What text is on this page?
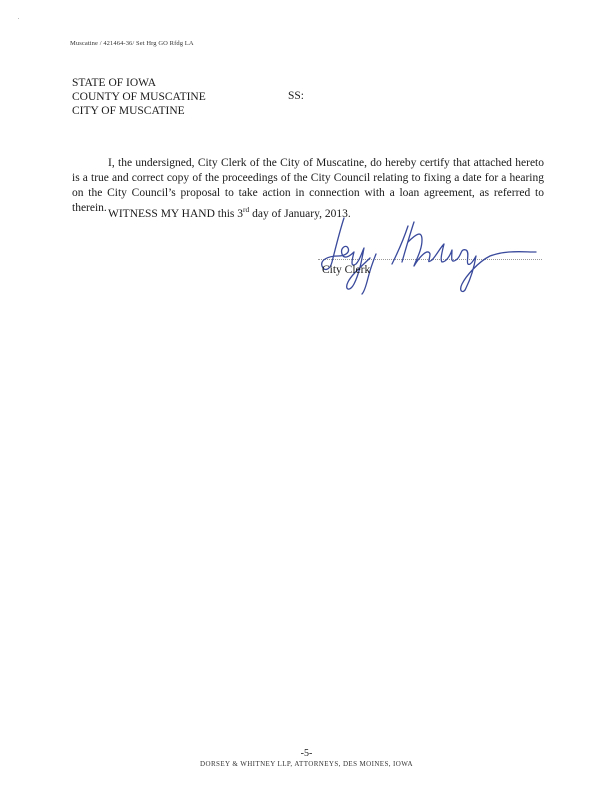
Muscatine / 421464-36/ Set Hrg GO Rfdg LA
STATE OF IOWA
COUNTY OF MUSCATINE
CITY OF MUSCATINE
SS:
I, the undersigned, City Clerk of the City of Muscatine, do hereby certify that attached hereto is a true and correct copy of the proceedings of the City Council relating to fixing a date for a hearing on the City Council’s proposal to take action in connection with a loan agreement, as referred to therein. WITNESS MY HAND this 3rd day of January, 2013.
City Clerk
-5-
DORSEY & WHITNEY LLP, ATTORNEYS, DES MOINES, IOWA
